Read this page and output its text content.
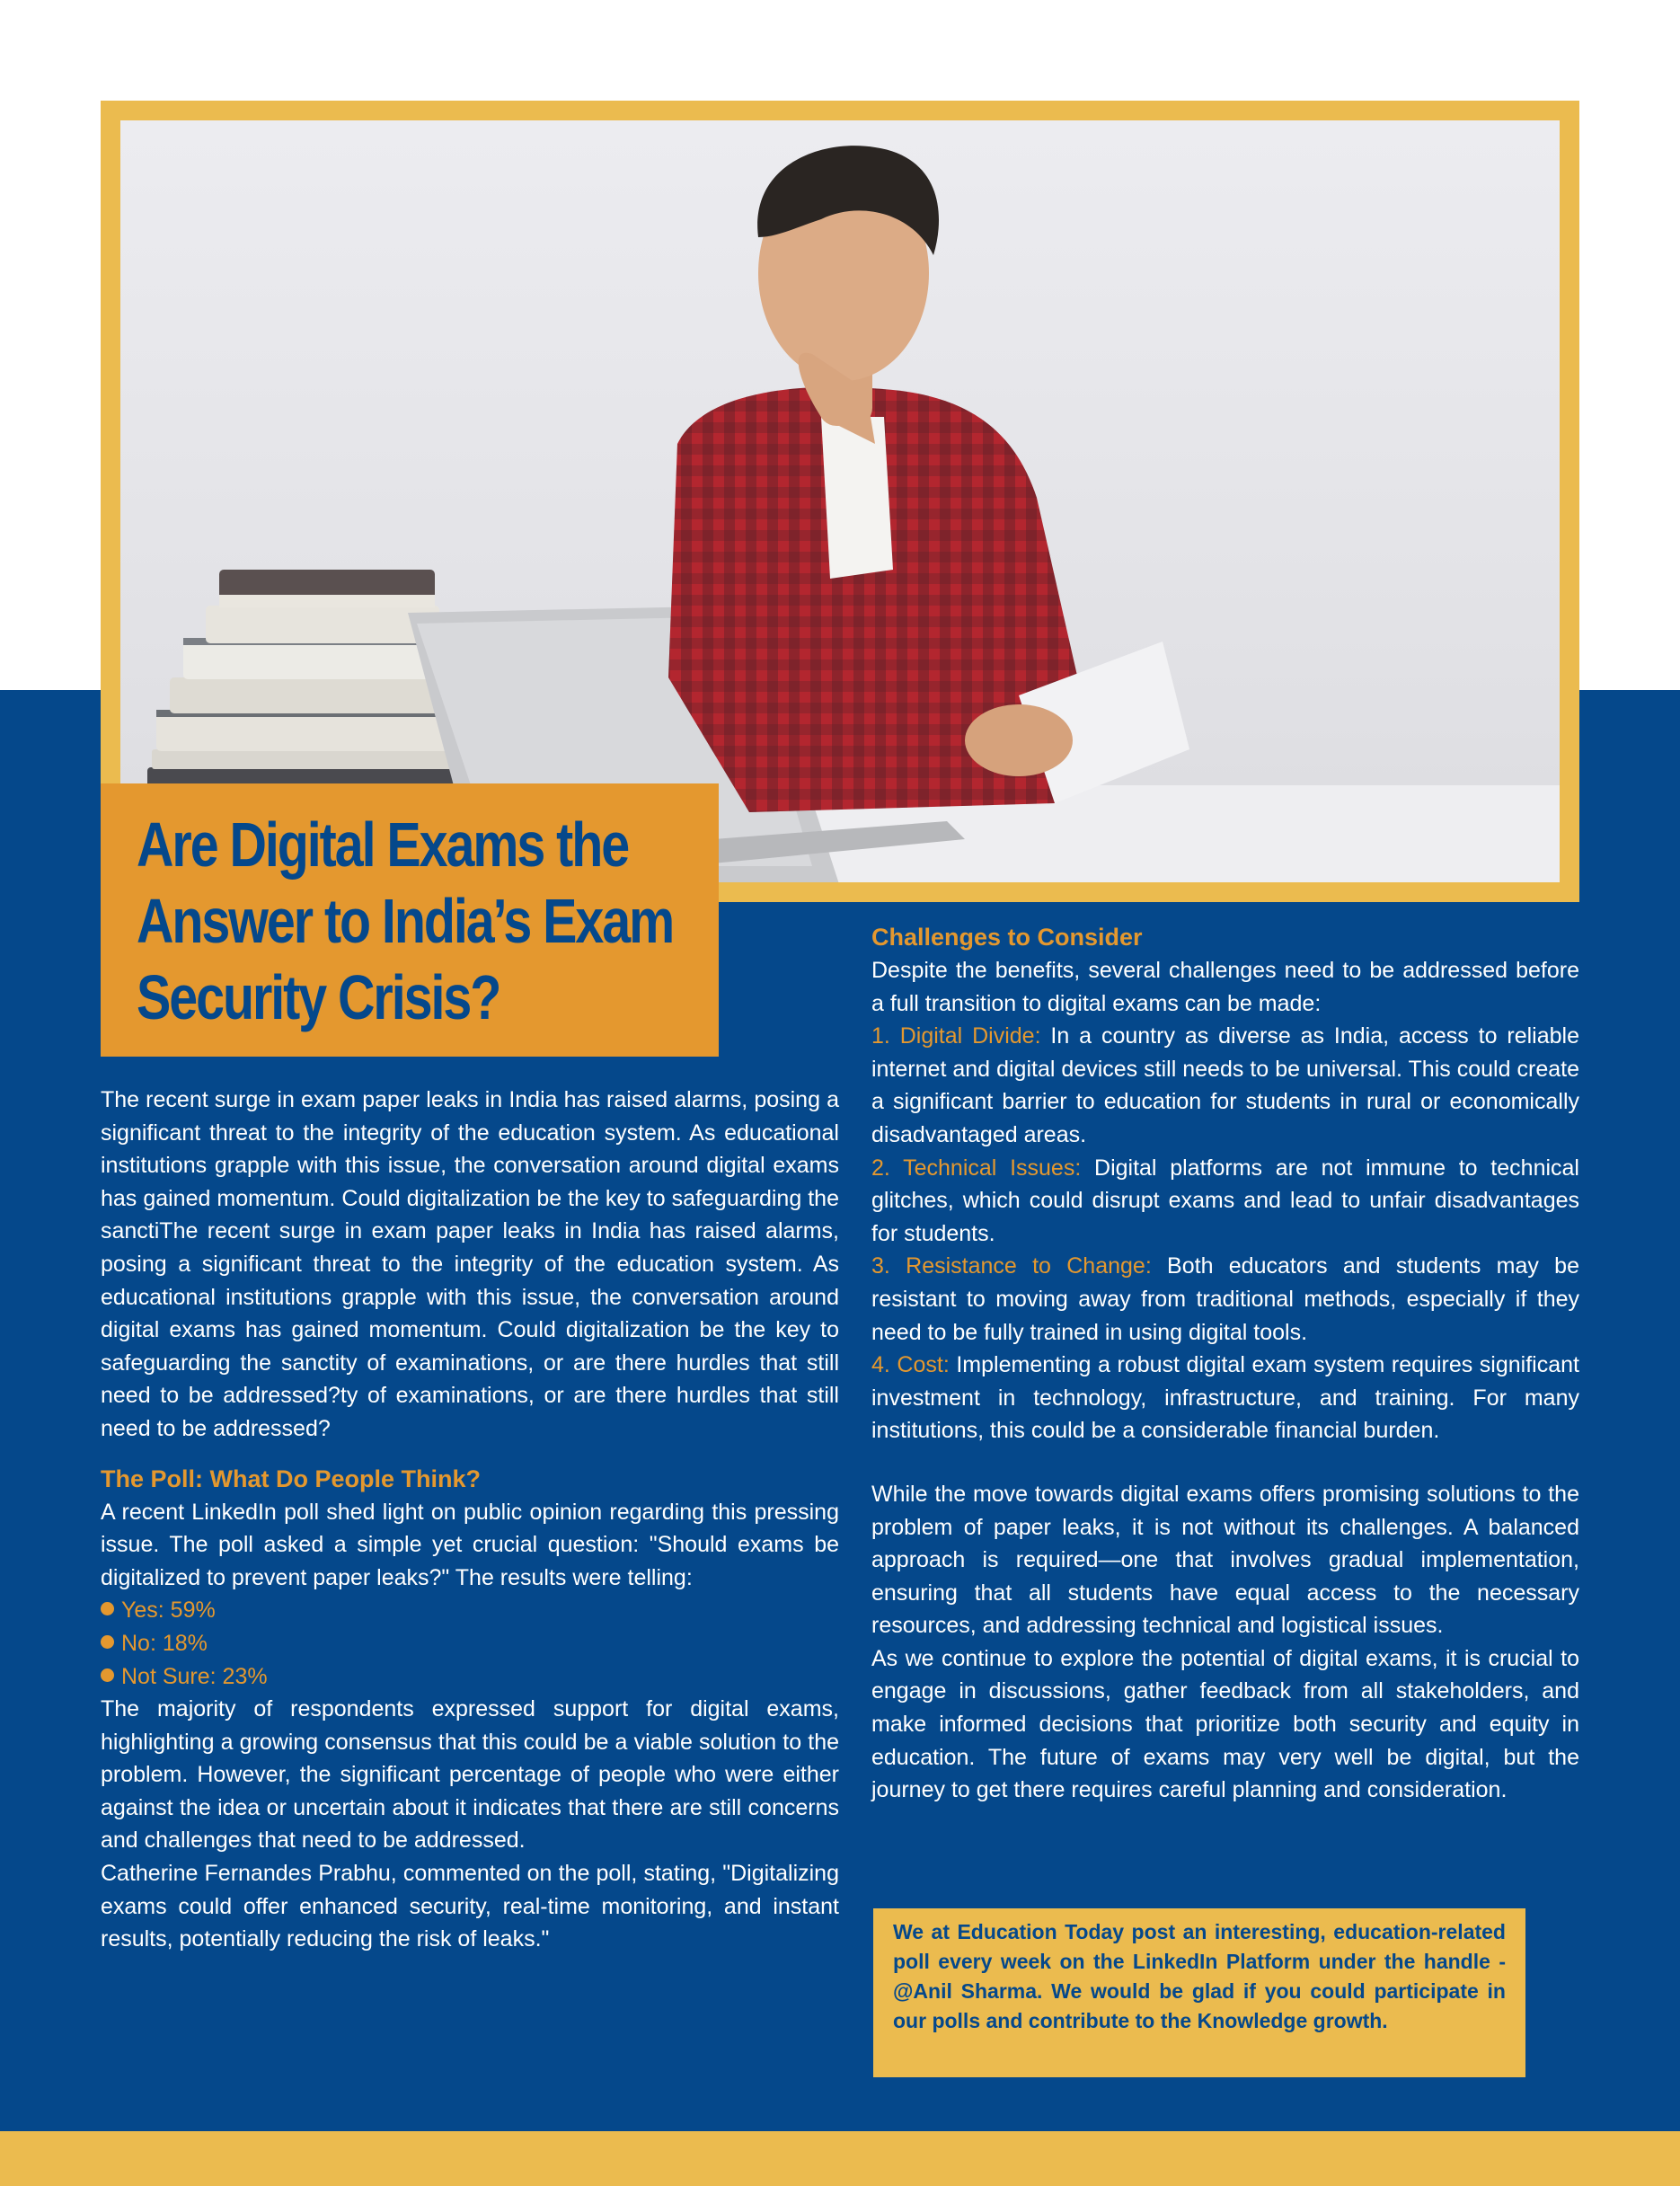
Are Digital Exams the
Answer to India’s Exam
Security Crisis?

The recent surge in exam paper leaks in India has raised alarms, posing a significant threat to the integrity of the education system. As educational institutions grapple with this issue, the conversation around digital exams has gained momentum. Could digitalization be the key to safeguarding the sanctiThe recent surge in exam paper leaks in India has raised alarms, posing a significant threat to the integrity of the education system. As educational institutions grapple with this issue, the conversation around digital exams has gained momentum. Could digitalization be the key to safeguarding the sanctity of examinations, or are there hurdles that still need to be addressed?ty of examinations, or are there hurdles that still need to be addressed?

The Poll: What Do People Think?

A recent LinkedIn poll shed light on public opinion regarding this pressing issue. The poll asked a simple yet crucial question: "Should exams be digitalized to prevent paper leaks?" The results were telling:

Yes: 59%

No: 18%

Not Sure: 23%

The majority of respondents expressed support for digital exams, highlighting a growing consensus that this could be a viable solution to the problem. However, the significant percentage of people who were either against the idea or uncertain about it indicates that there are still concerns and challenges that need to be addressed.

Catherine Fernandes Prabhu, commented on the poll, stating, "Digitalizing exams could offer enhanced security, real-time monitoring, and instant results, potentially reducing the risk of leaks."

Challenges to Consider

Despite the benefits, several challenges need to be addressed before a full transition to digital exams can be made:

1. Digital Divide: In a country as diverse as India, access to reliable internet and digital devices still needs to be universal. This could create a significant barrier to education for students in rural or economically disadvantaged areas.

2. Technical Issues: Digital platforms are not immune to technical glitches, which could disrupt exams and lead to unfair disadvantages for students.

3. Resistance to Change: Both educators and students may be resistant to moving away from traditional methods, especially if they need to be fully trained in using digital tools.

4. Cost: Implementing a robust digital exam system requires significant investment in technology, infrastructure, and training. For many institutions, this could be a considerable financial burden.

While the move towards digital exams offers promising solutions to the problem of paper leaks, it is not without its challenges. A balanced approach is required—one that involves gradual implementation, ensuring that all students have equal access to the necessary resources, and addressing technical and logistical issues.

As we continue to explore the potential of digital exams, it is crucial to engage in discussions, gather feedback from all stakeholders, and make informed decisions that prioritize both security and equity in education. The future of exams may very well be digital, but the journey to get there requires careful planning and consideration.

We at Education Today post an interesting, education-related poll every week on the LinkedIn Platform under the handle - @Anil Sharma. We would be glad if you could participate in our polls and contribute to the Knowledge growth.
